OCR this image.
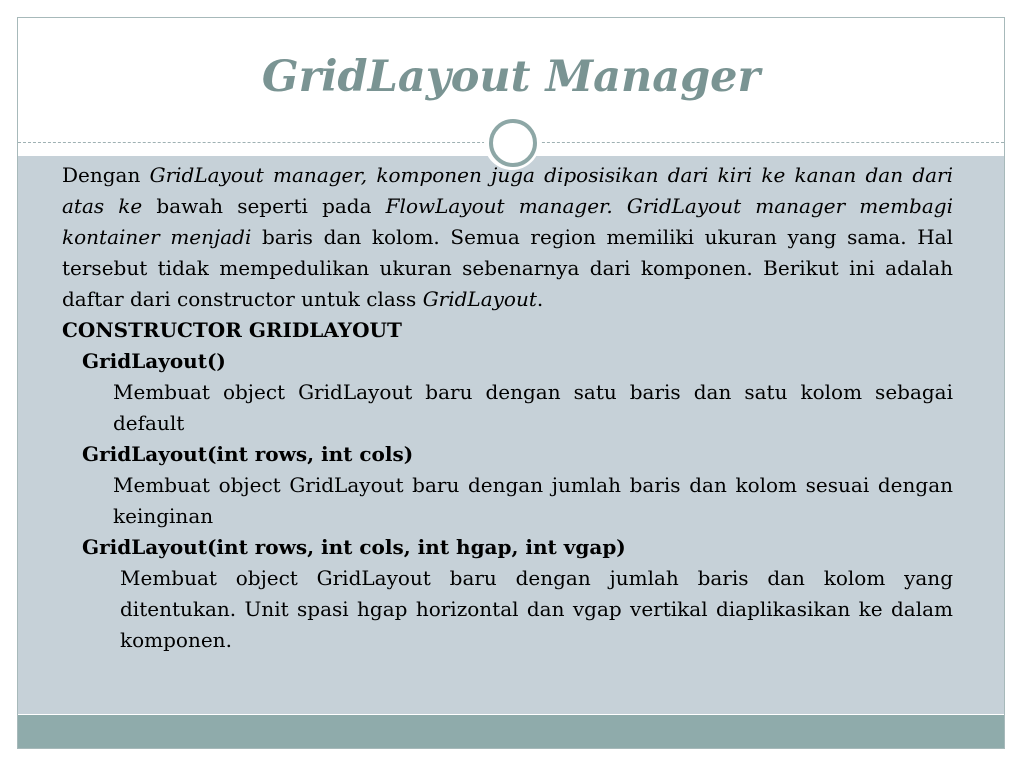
GridLayout Manager

Dengan GridLayout manager, komponen juga diposisikan dari kiri ke kanan dan dari atas ke bawah seperti pada FlowLayout manager. GridLayout manager membagi kontainer menjadi baris dan kolom. Semua region memiliki ukuran yang sama. Hal tersebut tidak mempedulikan ukuran sebenarnya dari komponen. Berikut ini adalah daftar dari constructor untuk class GridLayout.

CONSTRUCTOR GRIDLAYOUT

GridLayout()

Membuat object GridLayout baru dengan satu baris dan satu kolom sebagai default

GridLayout(int rows, int cols)

Membuat object GridLayout baru dengan jumlah baris dan kolom sesuai dengan keinginan

GridLayout(int rows, int cols, int hgap, int vgap)

Membuat object GridLayout baru dengan jumlah baris dan kolom yang ditentukan. Unit spasi hgap horizontal dan vgap vertikal diaplikasikan ke dalam komponen.
